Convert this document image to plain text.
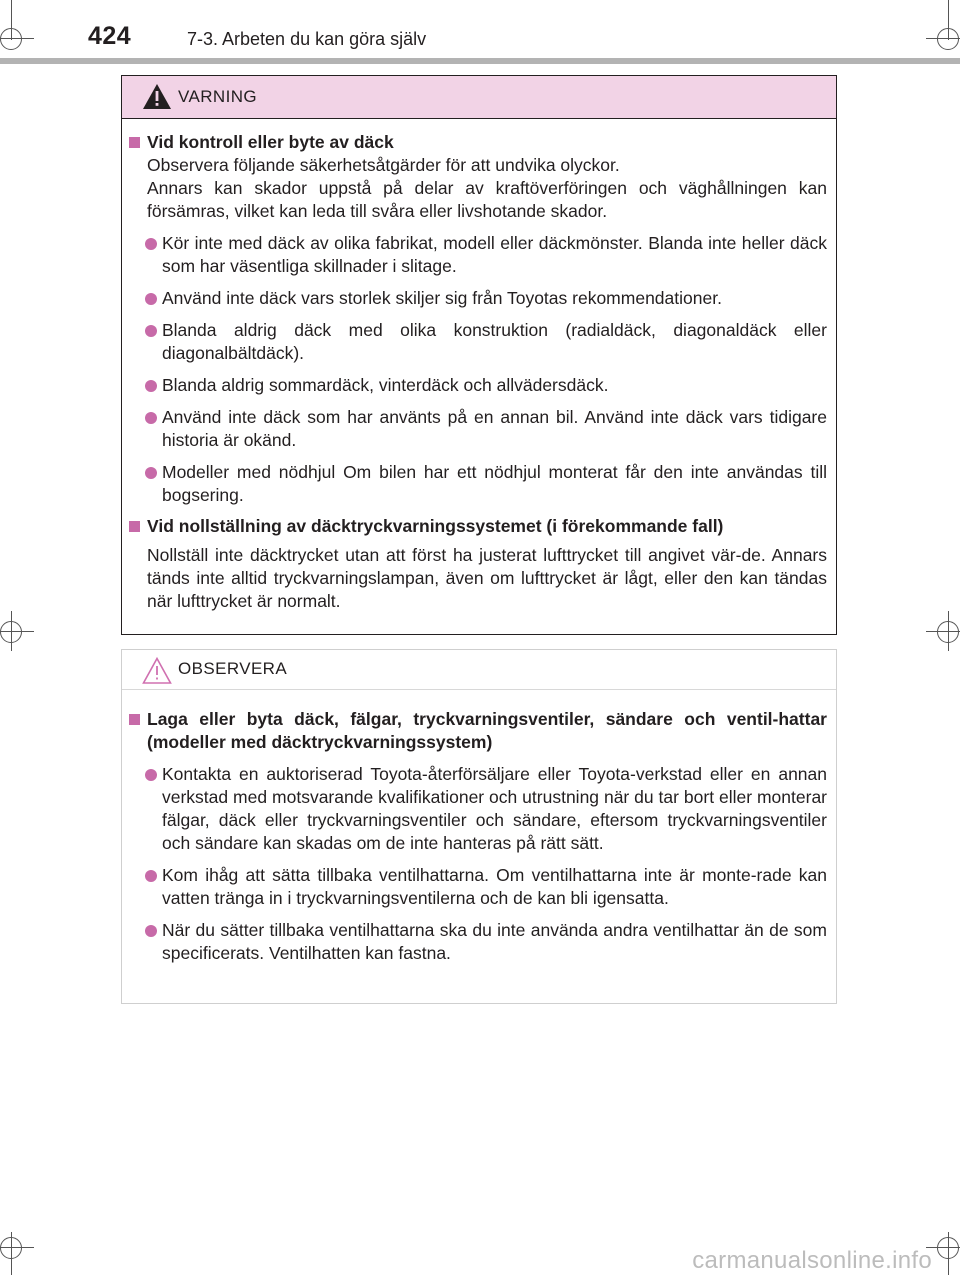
424	7-3. Arbeten du kan göra själv
VARNING
Vid kontroll eller byte av däck
Observera följande säkerhetsåtgärder för att undvika olyckor.
Annars kan skador uppstå på delar av kraftöverföringen och väghållningen kan försämras, vilket kan leda till svåra eller livshotande skador.
Kör inte med däck av olika fabrikat, modell eller däckmönster. Blanda inte heller däck som har väsentliga skillnader i slitage.
Använd inte däck vars storlek skiljer sig från Toyotas rekommendationer.
Blanda aldrig däck med olika konstruktion (radialdäck, diagonaldäck eller diagonalbältdäck).
Blanda aldrig sommardäck, vinterdäck och allvädersdäck.
Använd inte däck som har använts på en annan bil. Använd inte däck vars tidigare historia är okänd.
Modeller med nödhjul Om bilen har ett nödhjul monterat får den inte användas till bogsering.
Vid nollställning av däcktryckvarningssystemet (i förekommande fall)
Nollställ inte däcktrycket utan att först ha justerat lufttrycket till angivet vär-de. Annars tänds inte alltid tryckvarningslampan, även om lufttrycket är lågt, eller den kan tändas när lufttrycket är normalt.
OBSERVERA
Laga eller byta däck, fälgar, tryckvarningsventiler, sändare och ventil-hattar (modeller med däcktryckvarningssystem)
Kontakta en auktoriserad Toyota-återförsäljare eller Toyota-verkstad eller en annan verkstad med motsvarande kvalifikationer och utrustning när du tar bort eller monterar fälgar, däck eller tryckvarningsventiler och sändare, eftersom tryckvarningsventiler och sändare kan skadas om de inte hanteras på rätt sätt.
Kom ihåg att sätta tillbaka ventilhattarna. Om ventilhattarna inte är monte-rade kan vatten tränga in i tryckvarningsventilerna och de kan bli igensatta.
När du sätter tillbaka ventilhattarna ska du inte använda andra ventilhattar än de som specificerats. Ventilhatten kan fastna.
carmanualsonline.info
